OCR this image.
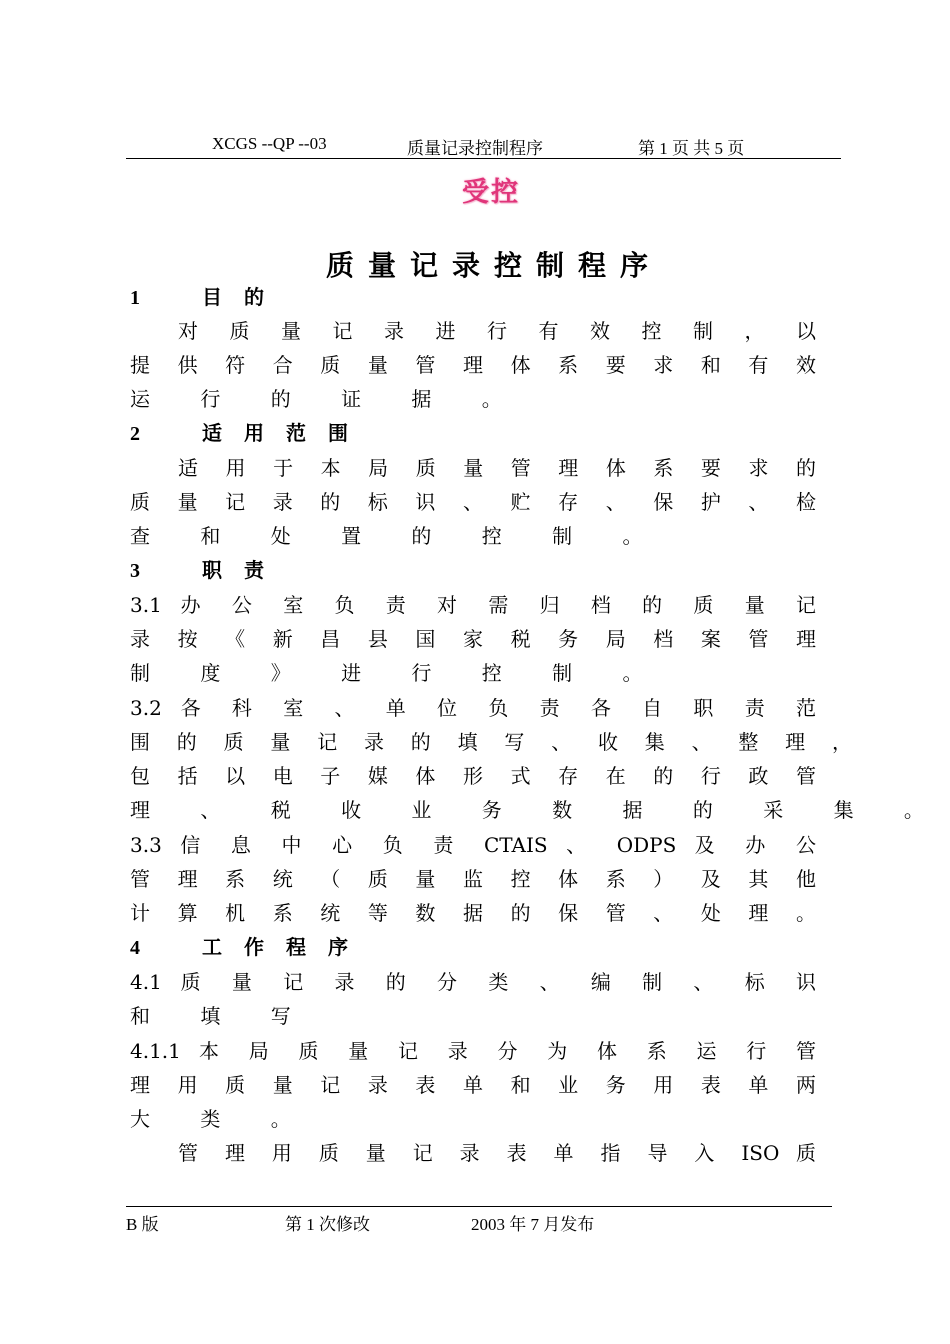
XCGS --QP --03	质量记录控制程序	第 1 页 共 5 页
受控
质量记录控制程序
1	目的
对 质 量 记 录 进 行 有 效 控 制 ， 以
提 供 符 合 质 量 管 理 体 系 要 求 和 有 效
运 行 的 证 据 。
2	适用范围
适 用 于 本 局 质 量 管 理 体 系 要 求 的
质 量 记 录 的 标 识 、 贮 存 、 保 护 、 检
查 和 处 置 的 控 制 。
3	职责
3.1 办 公 室 负 责 对 需 归 档 的 质 量 记
录 按 《 新 昌 县 国 家 税 务 局 档 案 管 理
制 度 》 进 行 控 制 。
3.2 各 科 室 、 单 位 负 责 各 自 职 责 范
围 的 质 量 记 录 的 填 写 、 收 集 、 整 理 ，
包 括 以 电 子 媒 体 形 式 存 在 的 行 政 管
理 、 税 收 业 务 数 据 的 采 集 。
3.3 信 息 中 心 负 责 CTAIS 、 ODPS 及 办 公
管 理 系 统 （ 质 量 监 控 体 系 ） 及 其 他
计 算 机 系 统 等 数 据 的 保 管 、 处 理 。
4	工作程序
4.1 质 量 记 录 的 分 类 、 编 制 、 标 识
和 填 写
4.1.1 本 局 质 量 记 录 分 为 体 系 运 行 管
理 用 质 量 记 录 表 单 和 业 务 用 表 单 两
大 类 。
管 理 用 质 量 记 录 表 单 指 导 入 ISO 质
B 版	第 1 次修改	2003 年 7 月发布
